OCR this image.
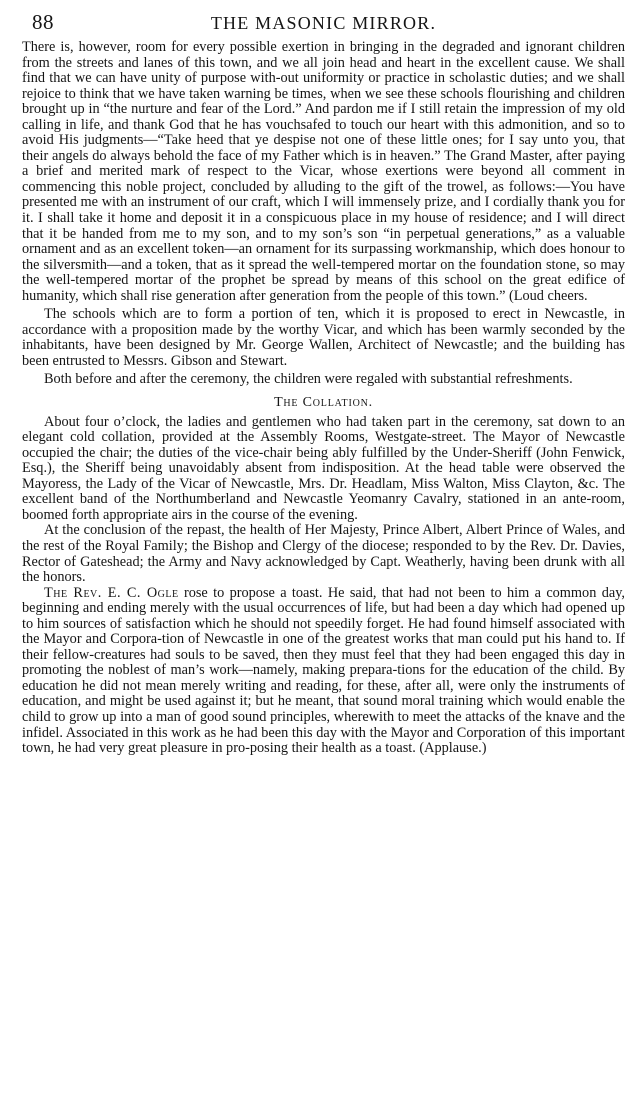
88	THE MASONIC MIRROR.

There is, however, room for every possible exertion in bringing in the degraded and ignorant children from the streets and lanes of this town, and we all join head and heart in the excellent cause. We shall find that we can have unity of purpose with-out uniformity or practice in scholastic duties; and we shall rejoice to think that we have taken warning be times, when we see these schools flourishing and children brought up in “the nurture and fear of the Lord.” And pardon me if I still retain the impression of my old calling in life, and thank God that he has vouchsafed to touch our heart with this admonition, and so to avoid His judgments—“Take heed that ye despise not one of these little ones; for I say unto you, that their angels do always behold the face of my Father which is in heaven.” The Grand Master, after paying a brief and merited mark of respect to the Vicar, whose exertions were beyond all comment in commencing this noble project, concluded by alluding to the gift of the trowel, as follows:—You have presented me with an instrument of our craft, which I will immensely prize, and I cordially thank you for it. I shall take it home and deposit it in a conspicuous place in my house of residence; and I will direct that it be handed from me to my son, and to my son’s son “in perpetual generations,” as a valuable ornament and as an excellent token—an ornament for its surpassing workmanship, which does honour to the silversmith—and a token, that as it spread the well-tempered mortar on the foundation stone, so may the well-tempered mortar of the prophet be spread by means of this school on the great edifice of humanity, which shall rise generation after generation from the people of this town.” (Loud cheers.

The schools which are to form a portion of ten, which it is proposed to erect in Newcastle, in accordance with a proposition made by the worthy Vicar, and which has been warmly seconded by the inhabitants, have been designed by Mr. George Wallen, Architect of Newcastle; and the building has been entrusted to Messrs. Gibson and Stewart.

Both before and after the ceremony, the children were regaled with substantial refreshments.

The Collation.

About four o’clock, the ladies and gentlemen who had taken part in the ceremony, sat down to an elegant cold collation, provided at the Assembly Rooms, Westgate-street. The Mayor of Newcastle occupied the chair; the duties of the vice-chair being ably fulfilled by the Under-Sheriff (John Fenwick, Esq.), the Sheriff being unavoidably absent from indisposition. At the head table were observed the Mayoress, the Lady of the Vicar of Newcastle, Mrs. Dr. Headlam, Miss Walton, Miss Clayton, &c. The excellent band of the Northumberland and Newcastle Yeomanry Cavalry, stationed in an ante-room, boomed forth appropriate airs in the course of the evening.

At the conclusion of the repast, the health of Her Majesty, Prince Albert, Albert Prince of Wales, and the rest of the Royal Family; the Bishop and Clergy of the diocese; responded to by the Rev. Dr. Davies, Rector of Gateshead; the Army and Navy acknowledged by Capt. Weatherly, having been drunk with all the honors.

The Rev. E. C. Ogle rose to propose a toast. He said, that had not been to him a common day, beginning and ending merely with the usual occurrences of life, but had been a day which had opened up to him sources of satisfaction which he should not speedily forget. He had found himself associated with the Mayor and Corpora-tion of Newcastle in one of the greatest works that man could put his hand to. If their fellow-creatures had souls to be saved, then they must feel that they had been engaged this day in promoting the noblest of man’s work—namely, making prepara-tions for the education of the child. By education he did not mean merely writing and reading, for these, after all, were only the instruments of education, and might be used against it; but he meant, that sound moral training which would enable the child to grow up into a man of good sound principles, wherewith to meet the attacks of the knave and the infidel. Associated in this work as he had been this day with the Mayor and Corporation of this important town, he had very great pleasure in pro-posing their health as a toast. (Applause.)
